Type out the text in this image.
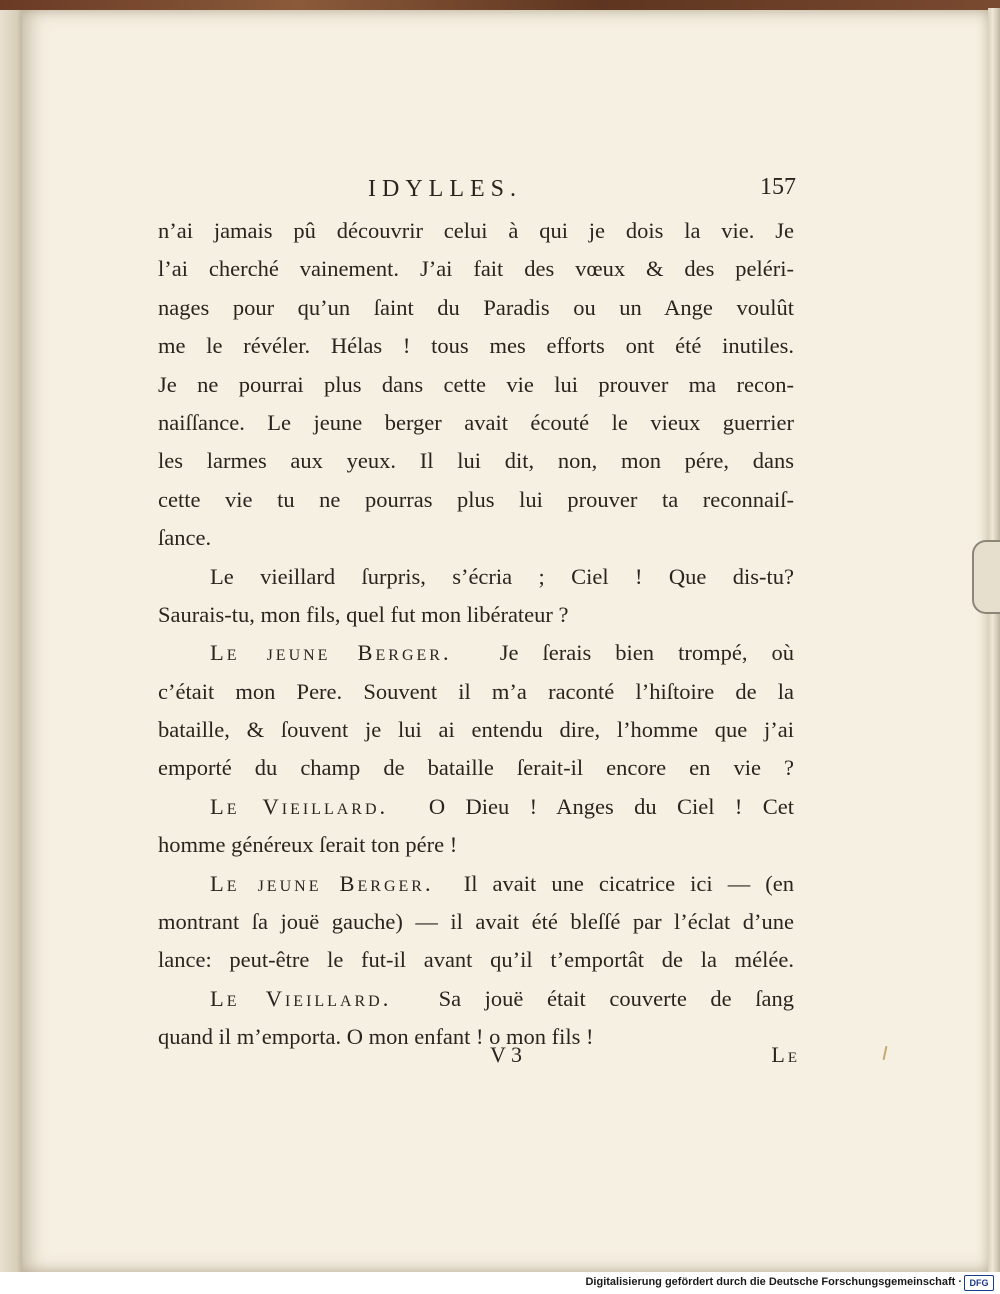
IDYLLES.	157
n’ai jamais pû découvrir celui à qui je dois la vie. Je
l’ai cherché vainement. J’ai fait des vœux & des peléri-
nages pour qu’un ſaint du Paradis ou un Ange voulût
me le révéler. Hélas ! tous mes efforts ont été inutiles.
Je ne pourrai plus dans cette vie lui prouver ma recon-
naiſſance. Le jeune berger avait écouté le vieux guerrier
les larmes aux yeux. Il lui dit, non, mon pére, dans
cette vie tu ne pourras plus lui prouver ta reconnaiſ-
ſance.
Le vieillard ſurpris, s’écria ; Ciel ! Que dis-tu?
Saurais-tu, mon fils, quel fut mon libérateur ?
Le jeune Berger. Je ſerais bien trompé, où
c’était mon Pere. Souvent il m’a raconté l’hiſtoire de la
bataille, & ſouvent je lui ai entendu dire, l’homme que j’ai
emporté du champ de bataille ſerait-il encore en vie ?
Le Vieillard. O Dieu ! Anges du Ciel ! Cet
homme généreux ſerait ton pére !
Le jeune Berger. Il avait une cicatrice ici — (en
montrant ſa jouë gauche) — il avait été bleſſé par l’éclat d’une
lance: peut-être le fut-il avant qu’il t’emportât de la mélée.
Le Vieillard. Sa jouë était couverte de ſang
quand il m’emporta. O mon enfant ! o mon fils !
V 3	Le
Digitalisierung gefördert durch die Deutsche Forschungsgemeinschaft · DFG
